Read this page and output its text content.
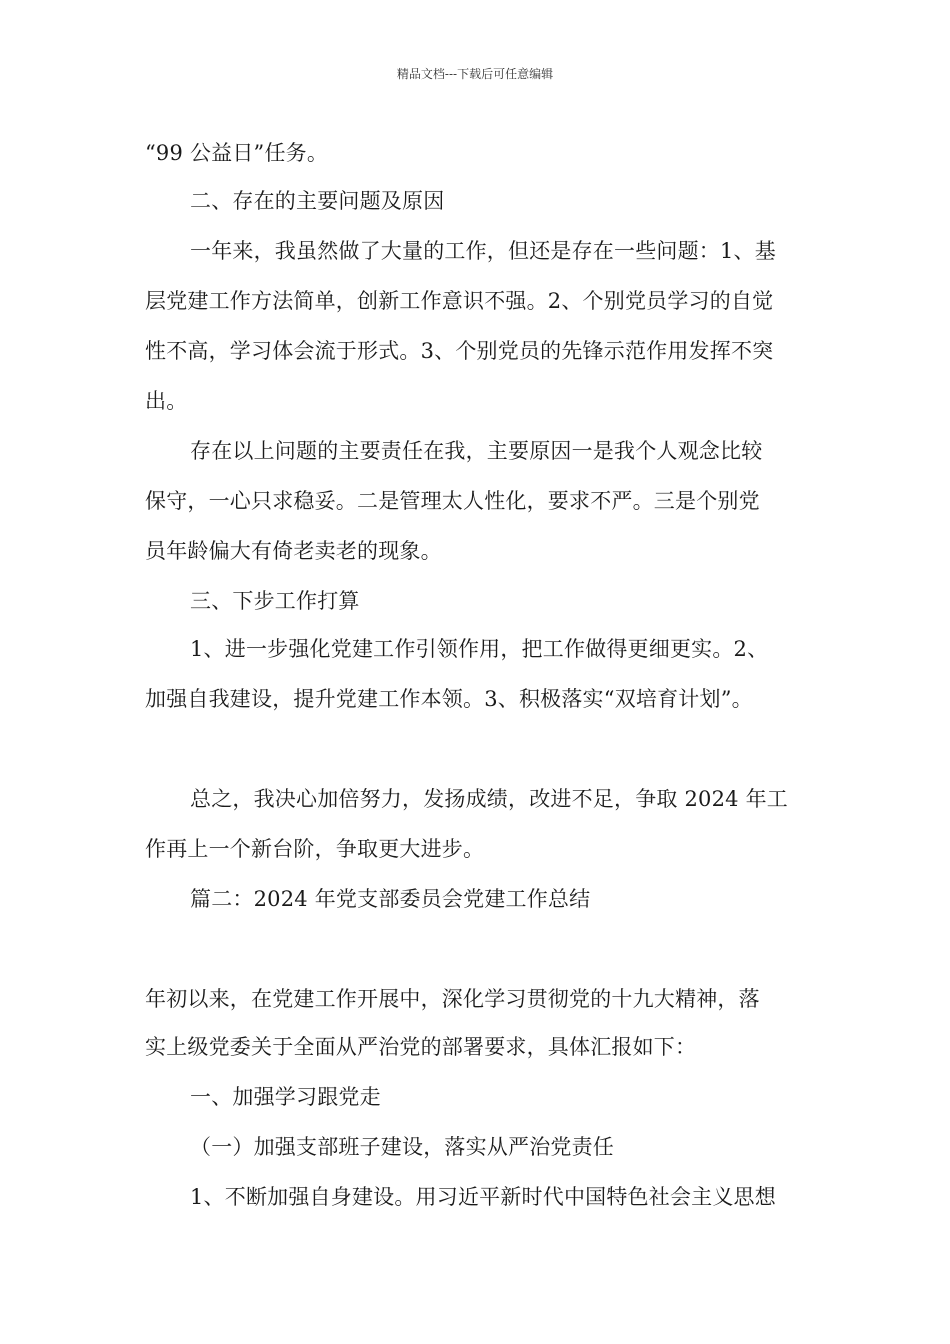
精品文档---下载后可任意编辑
“99 公益日”任务。
二、存在的主要问题及原因
一年来，我虽然做了大量的工作，但还是存在一些问题：1、基
层党建工作方法简单，创新工作意识不强。2、个别党员学习的自觉
性不高，学习体会流于形式。3、个别党员的先锋示范作用发挥不突
出。
存在以上问题的主要责任在我，主要原因一是我个人观念比较
保守，一心只求稳妥。二是管理太人性化，要求不严。三是个别党
员年龄偏大有倚老卖老的现象。
三、下步工作打算
1、进一步强化党建工作引领作用，把工作做得更细更实。2、
加强自我建设，提升党建工作本领。3、积极落实“双培育计划”。
总之，我决心加倍努力，发扬成绩，改进不足，争取 2024 年工
作再上一个新台阶，争取更大进步。
篇二：2024 年党支部委员会党建工作总结
年初以来，在党建工作开展中，深化学习贯彻党的十九大精神，落
实上级党委关于全面从严治党的部署要求，具体汇报如下：
一、加强学习跟党走
（一）加强支部班子建设，落实从严治党责任
1、不断加强自身建设。用习近平新时代中国特色社会主义思想
